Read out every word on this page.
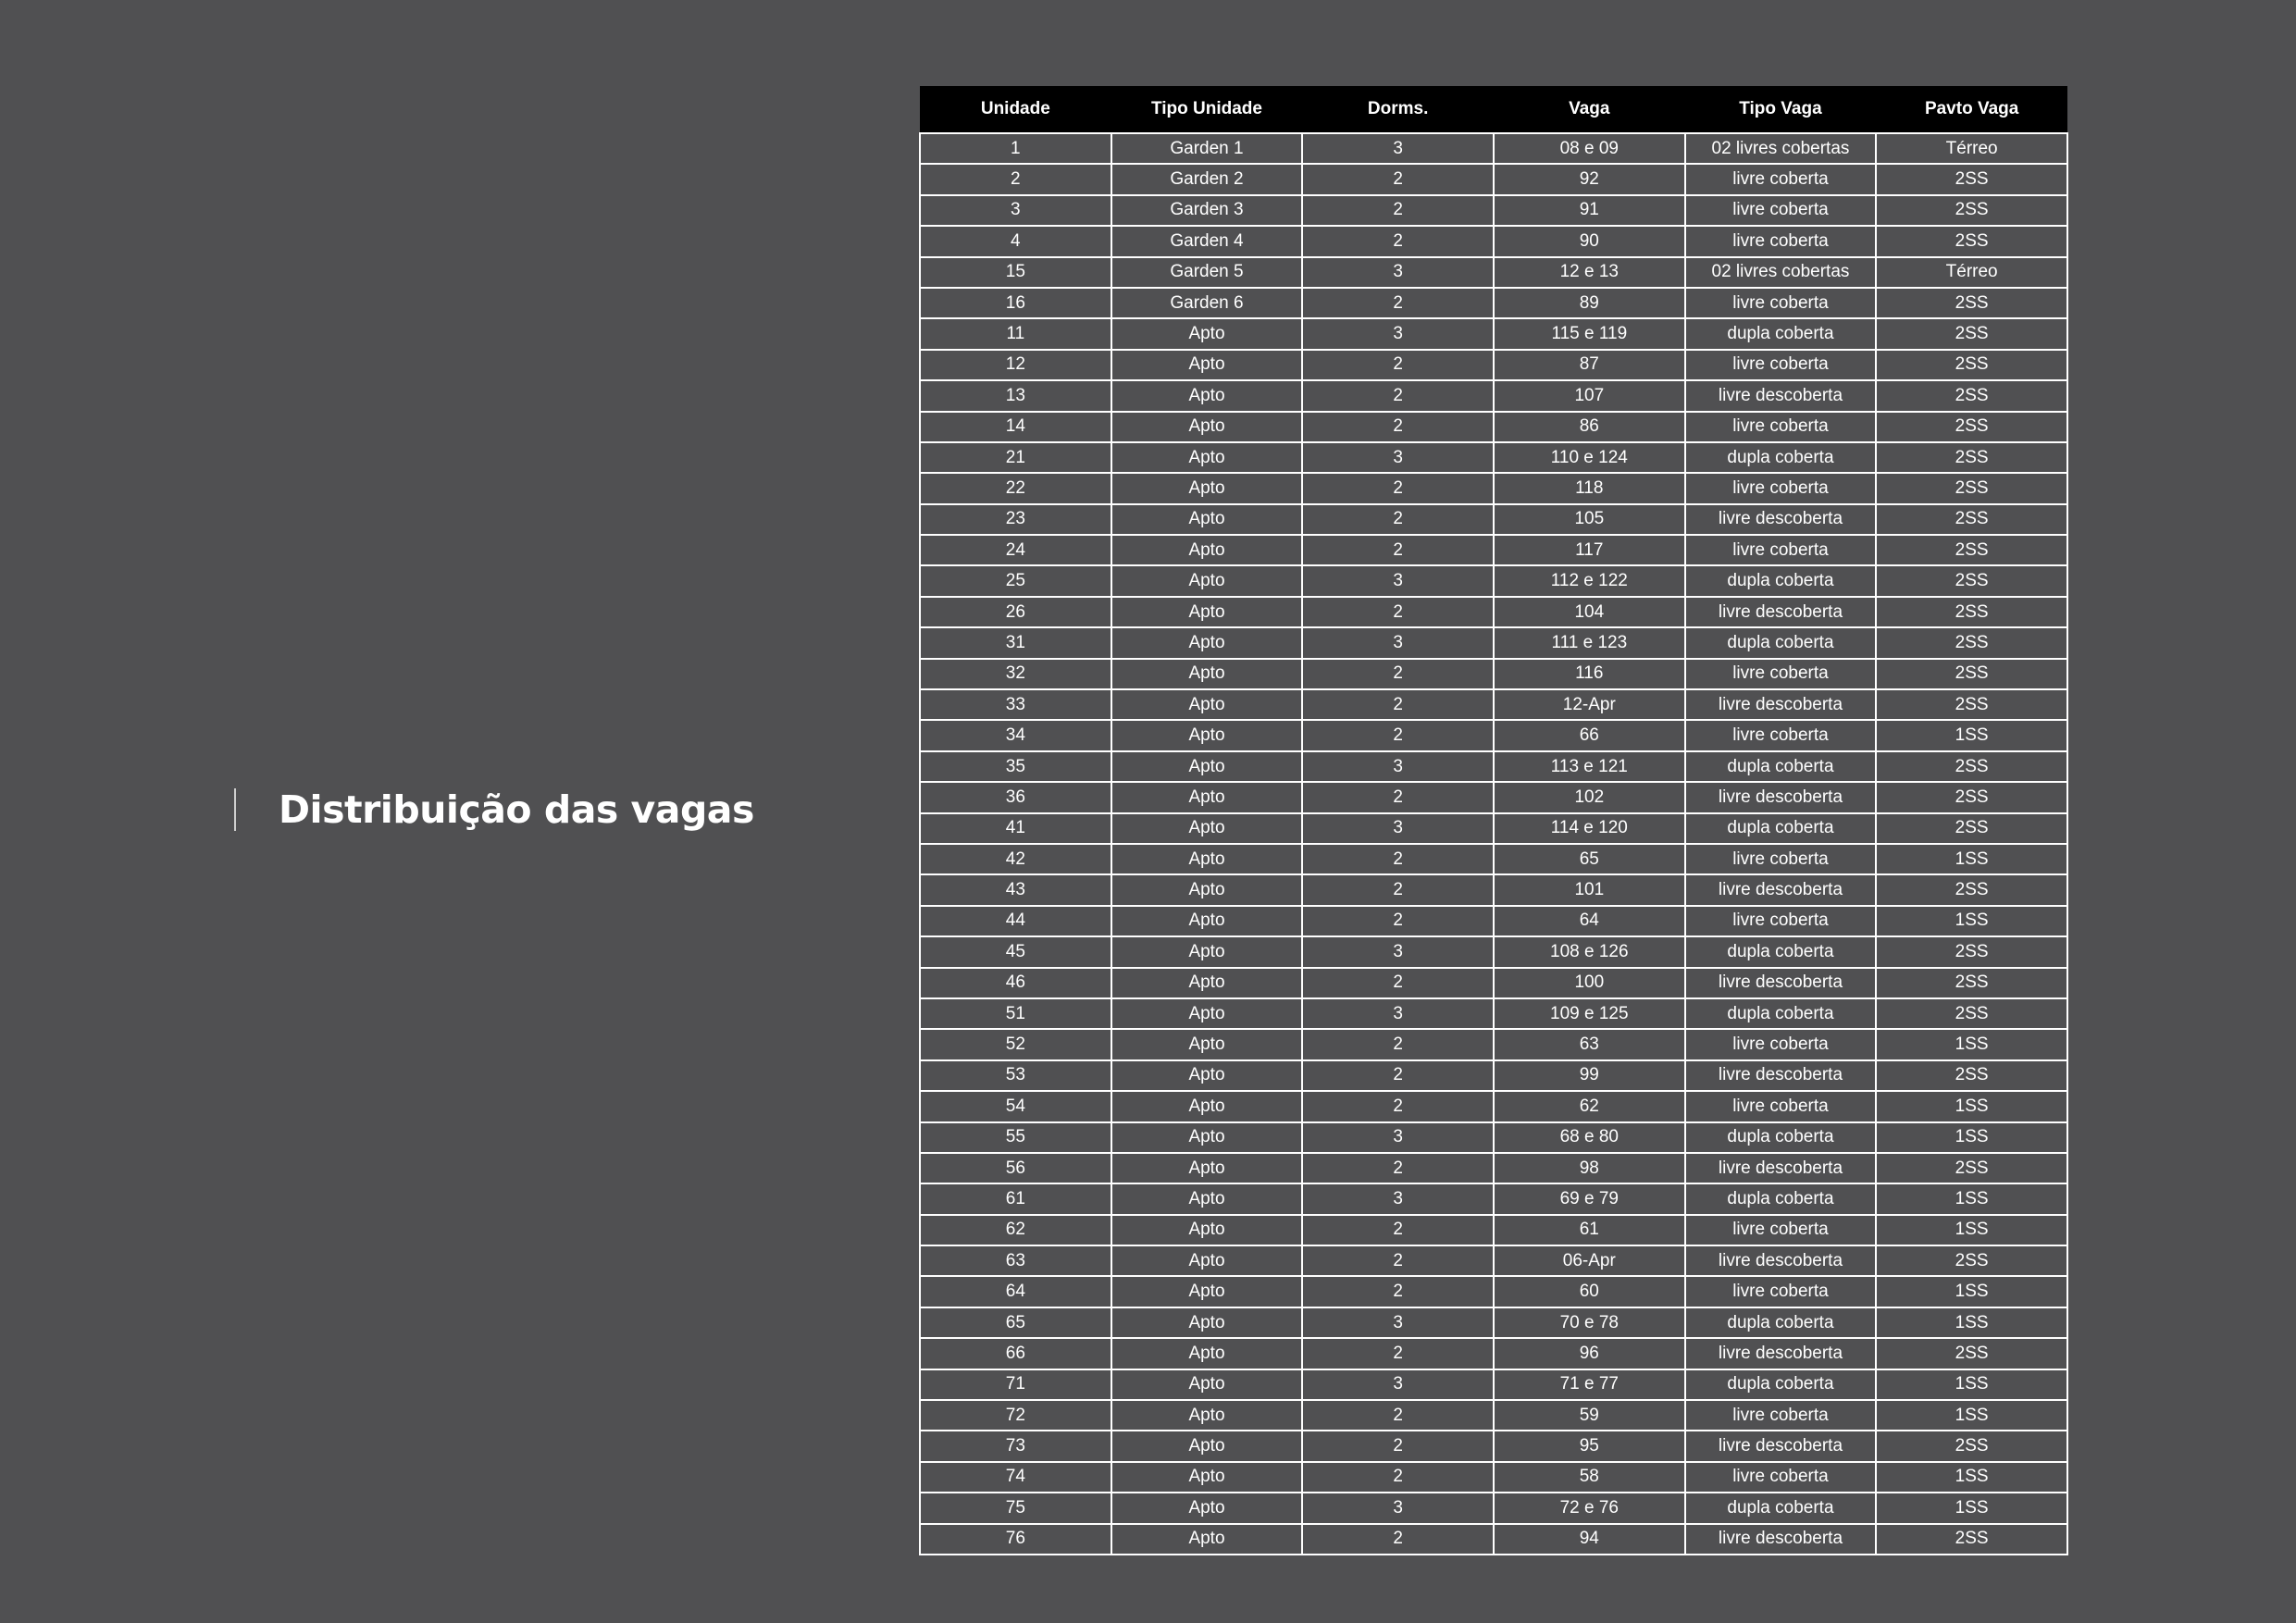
Distribuição das vagas
Unidade	Tipo Unidade	Dorms.	Vaga	Tipo Vaga	Pavto Vaga
1	Garden 1	3	08 e 09	02 livres cobertas	Térreo
2	Garden 2	2	92	livre coberta	2SS
3	Garden 3	2	91	livre coberta	2SS
4	Garden 4	2	90	livre coberta	2SS
15	Garden 5	3	12 e 13	02 livres cobertas	Térreo
16	Garden 6	2	89	livre coberta	2SS
11	Apto	3	115 e 119	dupla coberta	2SS
12	Apto	2	87	livre coberta	2SS
13	Apto	2	107	livre descoberta	2SS
14	Apto	2	86	livre coberta	2SS
21	Apto	3	110 e 124	dupla coberta	2SS
22	Apto	2	118	livre coberta	2SS
23	Apto	2	105	livre descoberta	2SS
24	Apto	2	117	livre coberta	2SS
25	Apto	3	112 e 122	dupla coberta	2SS
26	Apto	2	104	livre descoberta	2SS
31	Apto	3	111 e 123	dupla coberta	2SS
32	Apto	2	116	livre coberta	2SS
33	Apto	2	12-Apr	livre descoberta	2SS
34	Apto	2	66	livre coberta	1SS
35	Apto	3	113 e 121	dupla coberta	2SS
36	Apto	2	102	livre descoberta	2SS
41	Apto	3	114 e 120	dupla coberta	2SS
42	Apto	2	65	livre coberta	1SS
43	Apto	2	101	livre descoberta	2SS
44	Apto	2	64	livre coberta	1SS
45	Apto	3	108 e 126	dupla coberta	2SS
46	Apto	2	100	livre descoberta	2SS
51	Apto	3	109 e 125	dupla coberta	2SS
52	Apto	2	63	livre coberta	1SS
53	Apto	2	99	livre descoberta	2SS
54	Apto	2	62	livre coberta	1SS
55	Apto	3	68 e 80	dupla coberta	1SS
56	Apto	2	98	livre descoberta	2SS
61	Apto	3	69 e 79	dupla coberta	1SS
62	Apto	2	61	livre coberta	1SS
63	Apto	2	06-Apr	livre descoberta	2SS
64	Apto	2	60	livre coberta	1SS
65	Apto	3	70 e 78	dupla coberta	1SS
66	Apto	2	96	livre descoberta	2SS
71	Apto	3	71 e 77	dupla coberta	1SS
72	Apto	2	59	livre coberta	1SS
73	Apto	2	95	livre descoberta	2SS
74	Apto	2	58	livre coberta	1SS
75	Apto	3	72 e 76	dupla coberta	1SS
76	Apto	2	94	livre descoberta	2SS
